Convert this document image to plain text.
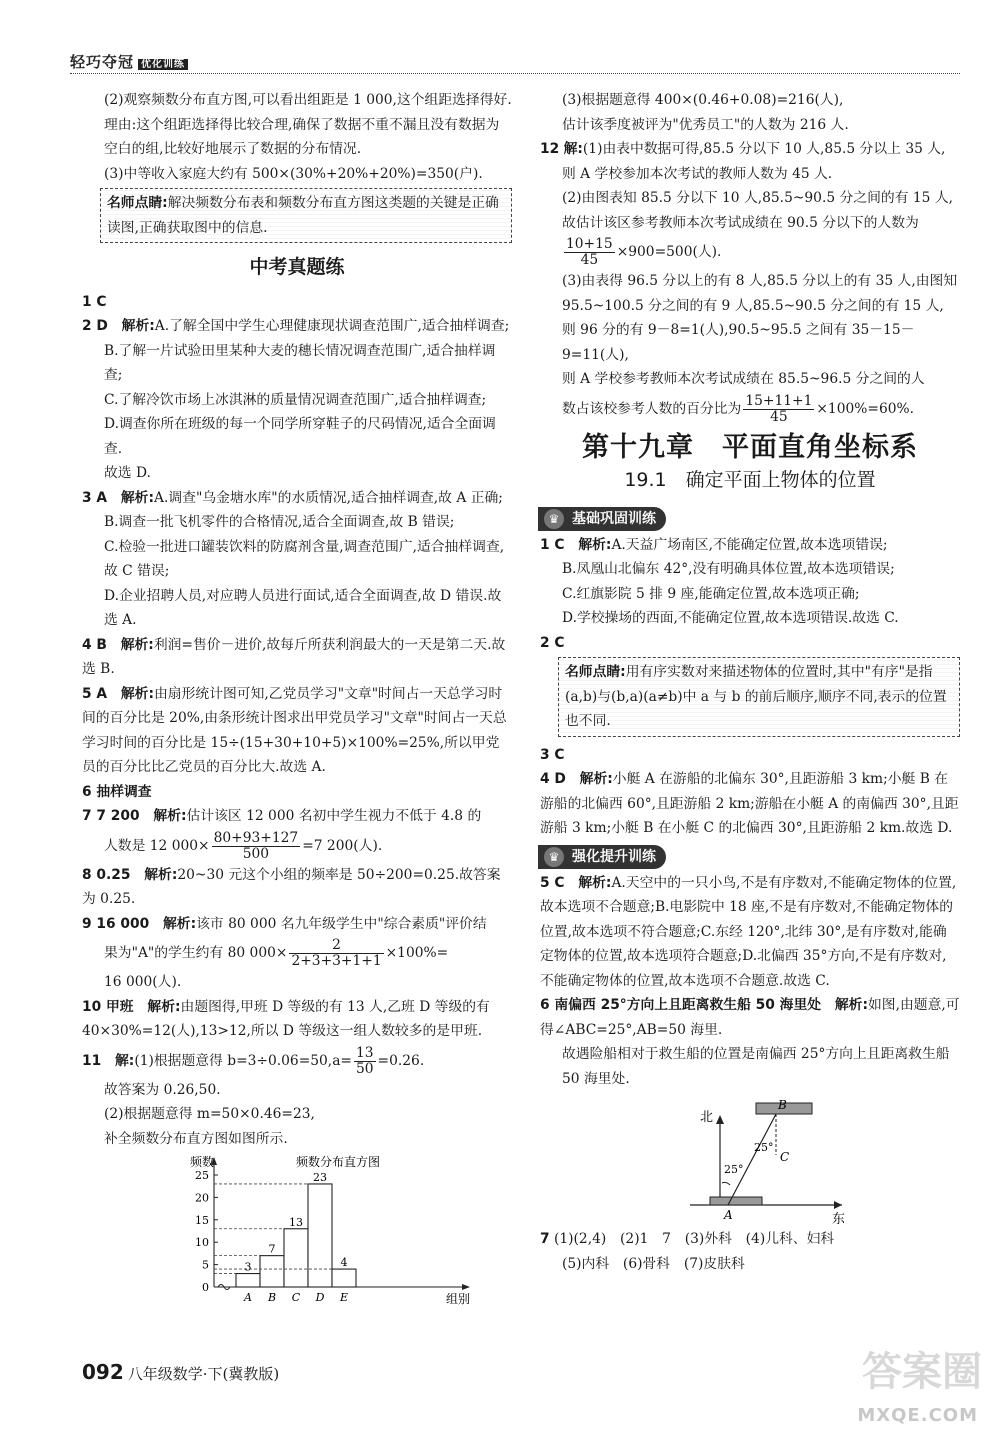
轻巧夺冠 优化训练

(2)观察频数分布直方图,可以看出组距是 1 000,这个组距选择得好.

理由:这个组距选择得比较合理,确保了数据不重不漏且没有数据为空白的组,比较好地展示了数据的分布情况.

(3)中等收入家庭大约有 500×(30%+20%+20%)=350(户).

名师点睛:解决频数分布表和频数分布直方图这类题的关键是正确读图,正确获取图中的信息.
中考真题练

1 C

2 D　 解析:A.了解全国中学生心理健康现状调查范围广,适合抽样调查;

B.了解一片试验田里某种大麦的穗长情况调查范围广,适合抽样调查;

C.了解冷饮市场上冰淇淋的质量情况调查范围广,适合抽样调查;

D.调查你所在班级的每一个同学所穿鞋子的尺码情况,适合全面调查.

故选 D.

3 A　 解析:A.调查"乌金塘水库"的水质情况,适合抽样调查,故 A 正确;

B.调查一批飞机零件的合格情况,适合全面调查,故 B 错误;

C.检验一批进口罐装饮料的防腐剂含量,调查范围广,适合抽样调查,故 C 错误;

D.企业招聘人员,对应聘人员进行面试,适合全面调查,故 D 错误.故选 A.

4 B　 解析:利润=售价－进价,故每斤所获利润最大的一天是第二天.故选 B.

5 A　 解析:由扇形统计图可知,乙党员学习"文章"时间占一天总学习时间的百分比是 20%,由条形统计图求出甲党员学习"文章"时间占一天总学习时间的百分比是 15÷(15+30+10+5)×100%=25%,所以甲党员的百分比比乙党员的百分比大.故选 A.

6 抽样调查

7 7 200　 解析:估计该区 12 000 名初中学生视力不低于 4.8 的

人数是 12 $000\times \frac{80+93+127}{500} =7$ 200(人).

8 0.25　 解析:20~30 元这个小组的频率是 50÷200=0.25.故答案为 0.25.

9 16 000　 解析:该市 80 000 名九年级学生中"综合素质"评价结

果为"A"的学生约有 80 $000\times \frac{2}{2+3+3+1+1} \times 100\%=$

16 000(人).

10 甲班　 解析:由题图得,甲班 D 等级的有 13 人,乙班 D 等级的有 40×30%=12(人),13>12,所以 D 等级这一组人数较多的是甲班.

11　 解:(1)根据题意得 $b=3\div 0.06=50,a= \frac{13}{50} =0.26$.

故答案为 0.26,50.

(2)根据题意得 m=50×0.46=23,

补全频数分布直方图如图所示.

0
5
10
15
20
25
3
A
7
B
13
C
23
D
4
E
频数	频数分布直方图
组别

(3)根据题意得 400×(0.46+0.08)=216(人),

估计该季度被评为"优秀员工"的人数为 216 人.

12 解:(1)由表中数据可得,85.5 分以下 10 人,85.5 分以上 35 人,

则 A 学校参加本次考试的教师人数为 45 人.

(2)由图表知 85.5 分以下 10 人,85.5~90.5 分之间的有 15 人,

故估计该区参考教师本次考试成绩在 90.5 分以下的人数为

$\frac{10+15}{45} \times 900=500$(人).

(3)由表得 96.5 分以上的有 8 人,85.5 分以上的有 35 人,由图知 95.5~100.5 分之间的有 9 人,85.5~90.5 分之间的有 15 人,

则 96 分的有 9－8=1(人),90.5~95.5 之间有 35－15－9=11(人),

则 A 学校参考教师本次考试成绩在 85.5~96.5 分之间的人

数占该校参考人数的百分比为 $\frac{15+11+1}{45} \times 100\%=60\%$.

第十九章　平面直角坐标系
19.1　确定平面上物体的位置
♛ 基础巩固训练

1 C　 解析:A.天益广场南区,不能确定位置,故本选项错误;

B.凤凰山北偏东 42°,没有明确具体位置,故本选项错误;

C.红旗影院 5 排 9 座,能确定位置,故本选项正确;

D.学校操场的西面,不能确定位置,故本选项错误.故选 C.

2 C

名师点睛:用有序实数对来描述物体的位置时,其中"有序"是指(a,b)与(b,a)(a≠b)中 a 与 b 的前后顺序,顺序不同,表示的位置也不同.

3 C

4 D　 解析:小艇 A 在游船的北偏东 30°,且距游船 3 km;小艇 B 在游船的北偏西 60°,且距游船 2 km;游船在小艇 A 的南偏西 30°,且距游船 3 km;小艇 B 在小艇 C 的北偏西 30°,且距游船 2 km.故选 D.

♛ 强化提升训练

5 C　 解析:A.天空中的一只小鸟,不是有序数对,不能确定物体的位置,故本选项不合题意;B.电影院中 18 座,不是有序数对,不能确定物体的位置,故本选项不符合题意;C.东经 120°,北纬 30°,是有序数对,能确定物体的位置,故本选项符合题意;D.北偏西 35°方向,不是有序数对,不能确定物体的位置,故本选项不合题意.故选 C.

6 南偏西 25°方向上且距离救生船 50 海里处　 解析:如图,由题意,可得∠ABC=25°,AB=50 海里.

故遇险船相对于救生船的位置是南偏西 25°方向上且距离救生船 50 海里处.

北
东
25°
25°
A
B
C

7 (1)(2,4)　(2)1　7　(3)外科　(4)儿科、妇科

(5)内科　(6)骨科　(7)皮肤科

092 八年级数学·下(冀教版)	答案圈
MXQE.COM
